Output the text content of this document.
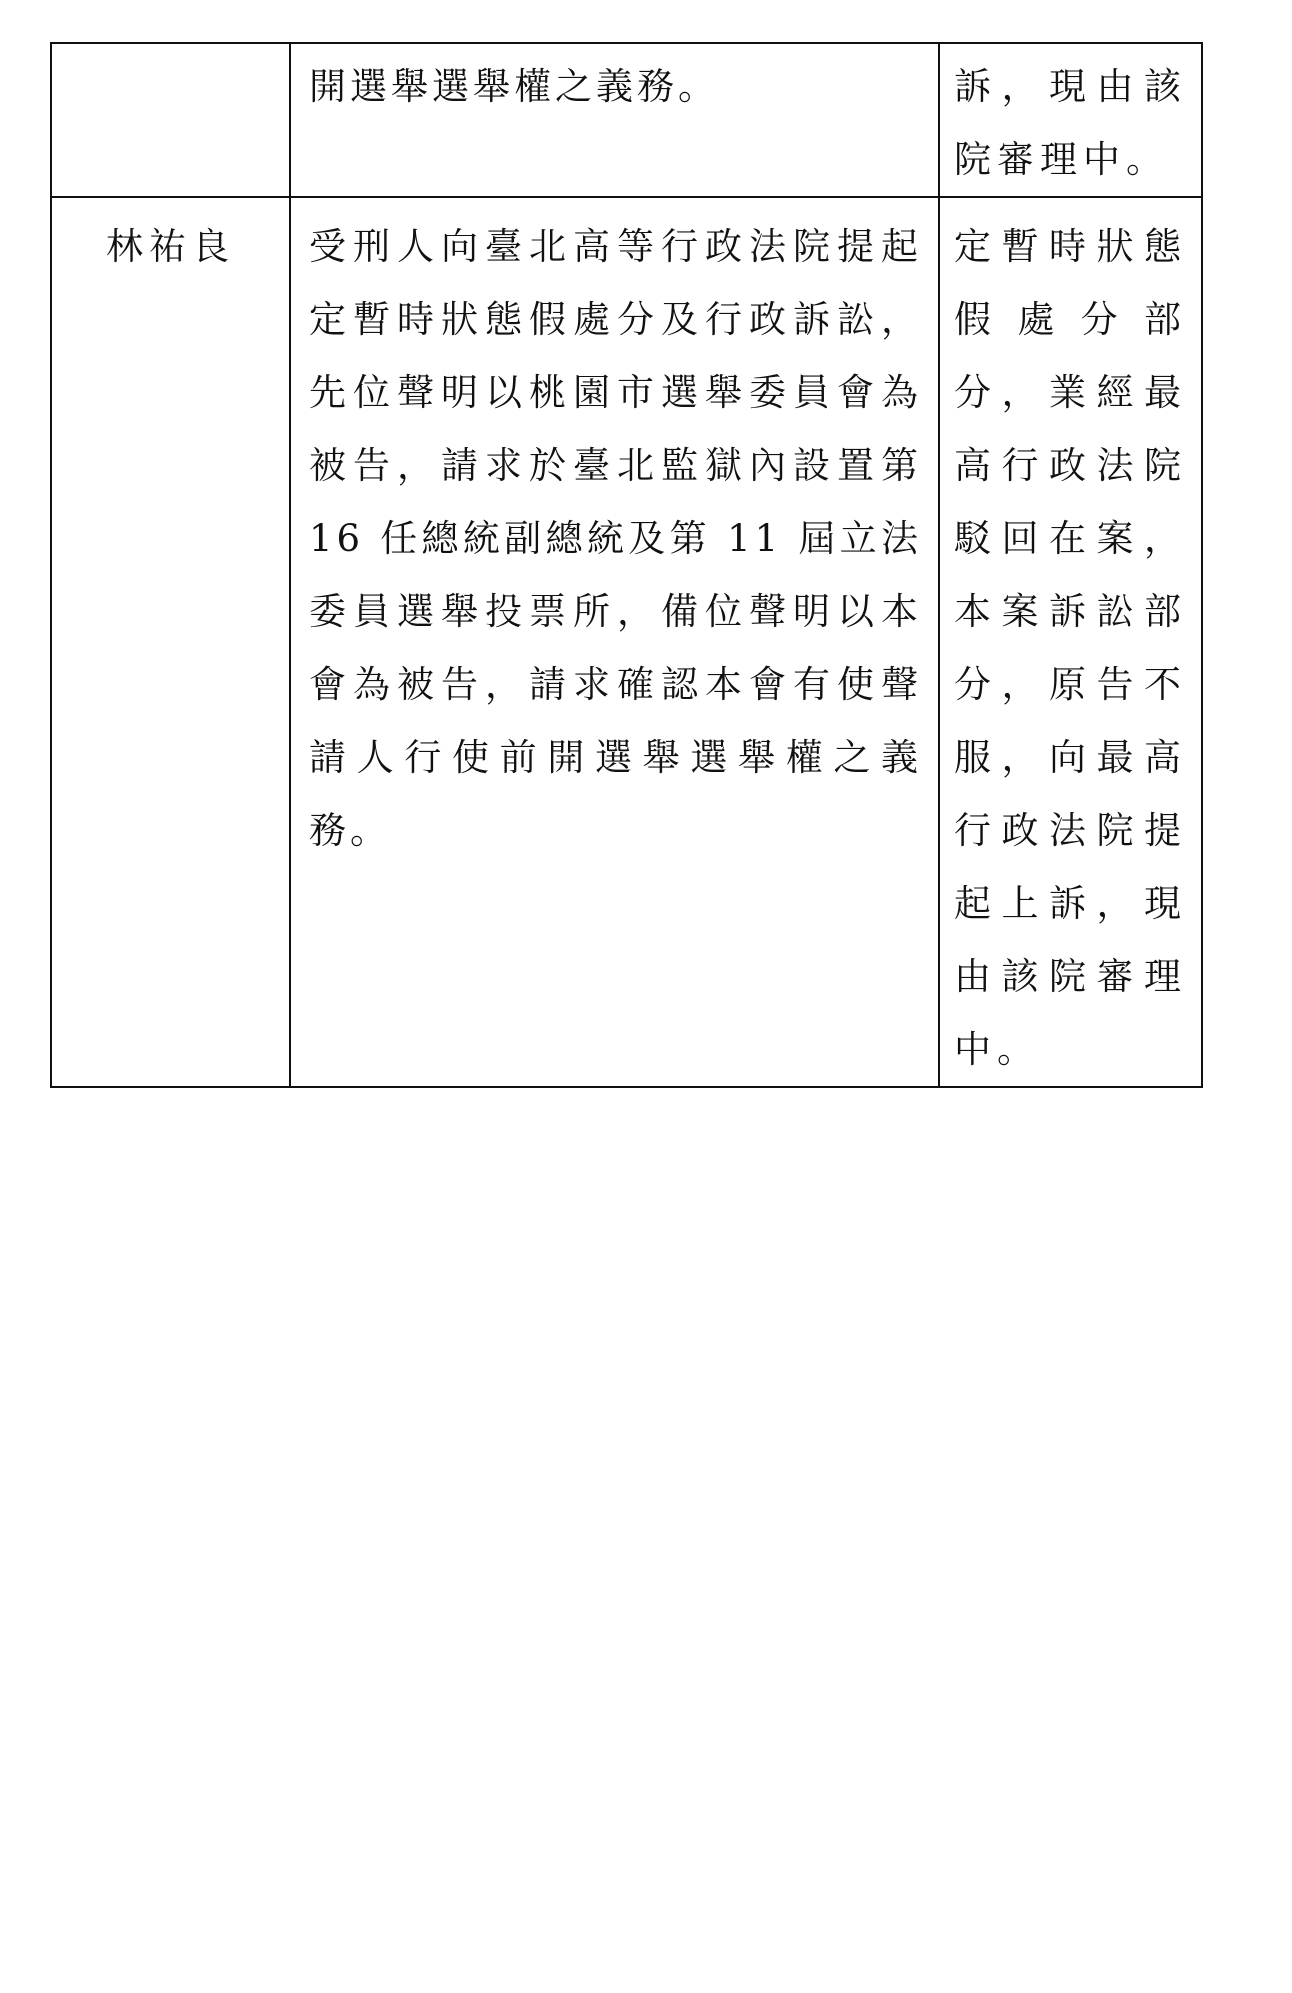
	開選舉選舉權之義務。	訴，現由該院審理中。

林祐良	受刑人向臺北高等行政法院提起定暫時狀態假處分及行政訴訟，先位聲明以桃園市選舉委員會為被告，請求於臺北監獄內設置第 16 任總統副總統及第 11 屆立法委員選舉投票所，備位聲明以本會為被告，請求確認本會有使聲請人行使前開選舉選舉權之義務。	定暫時狀態假處分部分，業經最高行政法院駁回在案，本案訴訟部分，原告不服，向最高行政法院提起上訴，現由該院審理中。
